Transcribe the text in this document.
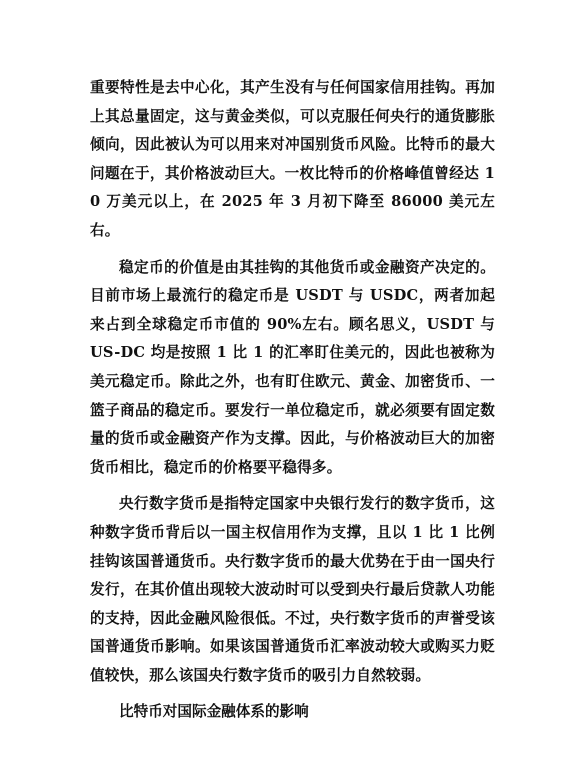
重要特性是去中心化，其产生没有与任何国家信用挂钩。再加上其总量固定，这与黄金类似，可以克服任何央行的通货膨胀倾向，因此被认为可以用来对冲国别货币风险。比特币的最大问题在于，其价格波动巨大。一枚比特币的价格峰值曾经达 10 万美元以上，在 2025 年 3 月初下降至 86000 美元左右。

稳定币的价值是由其挂钩的其他货币或金融资产决定的。目前市场上最流行的稳定币是 USDT 与 USDC，两者加起来占到全球稳定币市值的 90%左右。顾名思义，USDT 与 US-DC 均是按照 1 比 1 的汇率盯住美元的，因此也被称为美元稳定币。除此之外，也有盯住欧元、黄金、加密货币、一篮子商品的稳定币。要发行一单位稳定币，就必须要有固定数量的货币或金融资产作为支撑。因此，与价格波动巨大的加密货币相比，稳定币的价格要平稳得多。

央行数字货币是指特定国家中央银行发行的数字货币，这种数字货币背后以一国主权信用作为支撑，且以 1 比 1 比例挂钩该国普通货币。央行数字货币的最大优势在于由一国央行发行，在其价值出现较大波动时可以受到央行最后贷款人功能的支持，因此金融风险很低。不过，央行数字货币的声誉受该国普通货币影响。如果该国普通货币汇率波动较大或购买力贬值较快，那么该国央行数字货币的吸引力自然较弱。

比特币对国际金融体系的影响
